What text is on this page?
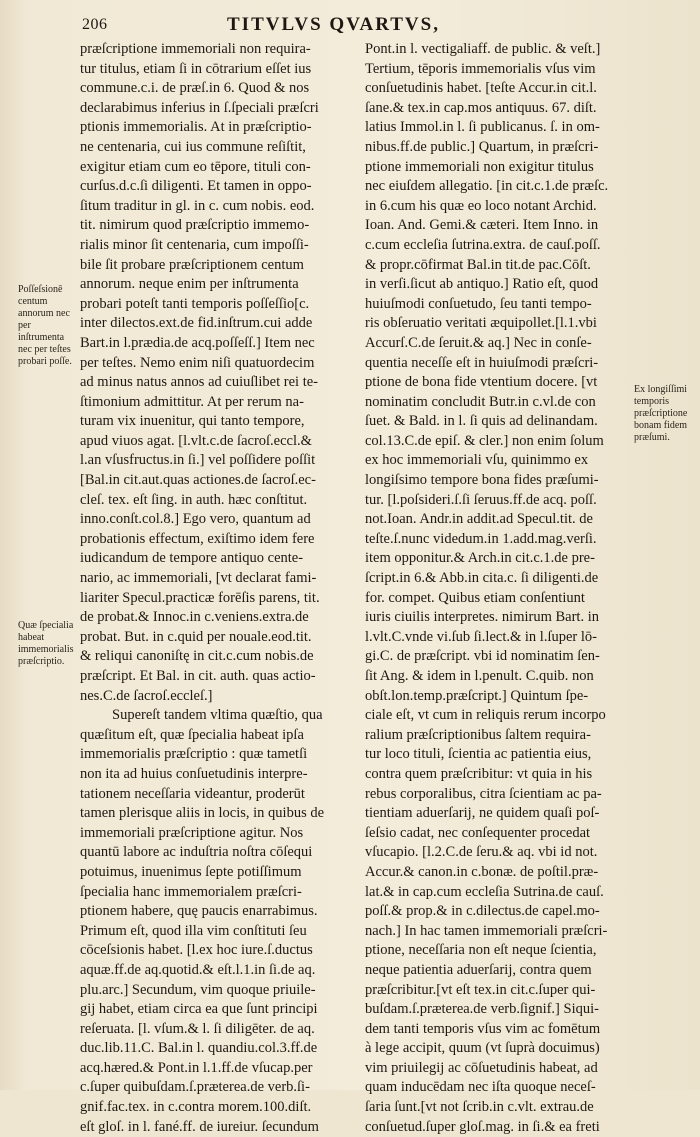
206	TITVLVS QVARTVS,

præſcriptione immemoriali non requira-

tur titulus, etiam ſi in cōtrarium eſſet ius

commune.c.i. de præſ.in 6. Quod & nos

declarabimus inferius in ſ.ſpeciali præſcri

ptionis immemorialis. At in præſcriptio-

ne centenaria, cui ius commune reſiſtit,

exigitur etiam cum eo tēpore, tituli con-

curſus.d.c.ſi diligenti. Et tamen in oppo-

ſitum traditur in gl. in c. cum nobis. eod.

tit. nimirum quod præſcriptio immemo-

rialis minor ſit centenaria, cum impoſſi-

bile ſit probare præſcriptionem centum

annorum. neque enim per inſtrumenta

probari poteſt tanti temporis poſſeſſio[c.

inter dilectos.ext.de fid.inſtrum.cui adde

Bart.in l.prædia.de acq.poſſeſſ.] Item nec

per teſtes. Nemo enim niſi quatuordecim

ad minus natus annos ad cuiuſlibet rei te-

ſtimonium admittitur. At per rerum na-

turam vix inuenitur, qui tanto tempore,

apud viuos agat. [l.vlt.c.de ſacroſ.eccl.&

l.an vſusfructus.in ſi.] vel poſſidere poſſit

[Bal.in cit.aut.quas actiones.de ſacroſ.ec-

cleſ. tex. eſt ſing. in auth. hæc conſtitut.

inno.conſt.col.8.] Ego vero, quantum ad

probationis effectum, exiſtimo idem fere

iudicandum de tempore antiquo cente-

nario, ac immemoriali, [vt declarat fami-

liariter Specul.practicæ forēſis parens, tit.

de probat.& Innoc.in c.veniens.extra.de

probat. But. in c.quid per nouale.eod.tit.

& reliqui canoniſtę in cit.c.cum nobis.de

præſcript. Et Bal. in cit. auth. quas actio-

nes.C.de ſacroſ.eccleſ.]

Supereſt tandem vltima quæſtio, qua

quæſitum eſt, quæ ſpecialia habeat ipſa

immemorialis præſcriptio : quæ tametſi

non ita ad huius conſuetudinis interpre-

tationem neceſſaria videantur, proderūt

tamen plerisque aliis in locis, in quibus de

immemoriali præſcriptione agitur. Nos

quantū labore ac induſtria noſtra cōſequi

potuimus, inuenimus ſepte potiſſimum

ſpecialia hanc immemorialem præſcri-

ptionem habere, quę paucis enarrabimus.

Primum eſt, quod illa vim conſtituti ſeu

cōceſsionis habet. [l.ex hoc iure.ſ.ductus

aquæ.ff.de aq.quotid.& eſt.l.1.in ſi.de aq.

plu.arc.] Secundum, vim quoque priuile-

gij habet, etiam circa ea que ſunt principi

reſeruata. [l. vſum.& l. ſi diligēter. de aq.

duc.lib.11.C. Bal.in l. quandiu.col.3.ff.de

acq.hæred.& Pont.in l.1.ff.de vſucap.per

c.ſuper quibuſdam.ſ.præterea.de verb.ſi-

gnif.fac.tex. in c.contra morem.100.diſt.

eſt gloſ. in l. fané.ff. de iureiur. ſecundum

Pont.in l. vectigaliaff. de public. & veſt.]

Tertium, tēporis immemorialis vſus vim

conſuetudinis habet. [teſte Accur.in cit.l.

ſane.& tex.in cap.mos antiquus. 67. diſt.

latius Immol.in l. ſi publicanus. ſ. in om-

nibus.ff.de public.] Quartum, in præſcri-

ptione immemoriali non exigitur titulus

nec eiuſdem allegatio. [in cit.c.1.de præſc.

in 6.cum his quæ eo loco notant Archid.

Ioan. And. Gemi.& cæteri. Item Inno. in

c.cum eccleſia ſutrina.extra. de cauſ.poſſ.

& propr.cōfirmat Bal.in tit.de pac.Cōſt.

in verſi.ſicut ab antiquo.] Ratio eſt, quod

huiuſmodi conſuetudo, ſeu tanti tempo-

ris obſeruatio veritati æquipollet.[l.1.vbi

Accurſ.C.de ſeruit.& aq.] Nec in conſe-

quentia neceſſe eſt in huiuſmodi præſcri-

ptione de bona fide vtentium docere. [vt

nominatim concludit Butr.in c.vl.de con

ſuet. & Bald. in l. ſi quis ad delinandam.

col.13.C.de epiſ. & cler.] non enim ſolum

ex hoc immemoriali vſu, quinimmo ex

longiſsimo tempore bona fides præſumi-

tur. [l.poſsideri.ſ.ſi ſeruus.ff.de acq. poſſ.

not.Ioan. Andr.in addit.ad Specul.tit. de

teſte.ſ.nunc videdum.in 1.add.mag.verſi.

item opponitur.& Arch.in cit.c.1.de pre-

ſcript.in 6.& Abb.in cita.c. ſi diligenti.de

for. compet. Quibus etiam conſentiunt

iuris ciuilis interpretes. nimirum Bart. in

l.vlt.C.vnde vi.ſub ſi.lect.& in l.ſuper lō-

gi.C. de præſcript. vbi id nominatim ſen-

ſit Ang. & idem in l.penult. C.quib. non

obſt.lon.temp.præſcript.] Quintum ſpe-

ciale eſt, vt cum in reliquis rerum incorpo

ralium præſcriptionibus ſaltem requira-

tur loco tituli, ſcientia ac patientia eius,

contra quem præſcribitur: vt quia in his

rebus corporalibus, citra ſcientiam ac pa-

tientiam aduerſarij, ne quidem quaſi poſ-

ſeſsio cadat, nec conſequenter procedat

vſucapio. [l.2.C.de ſeru.& aq. vbi id not.

Accur.& canon.in c.bonæ. de poſtil.præ-

lat.& in cap.cum eccleſia Sutrina.de cauſ.

poſſ.& prop.& in c.dilectus.de capel.mo-

nach.] In hac tamen immemoriali præſcri-

ptione, neceſſaria non eſt neque ſcientia,

neque patientia aduerſarij, contra quem

præſcribitur.[vt eſt tex.in cit.c.ſuper qui-

buſdam.ſ.præterea.de verb.ſignif.] Siqui-

dem tanti temporis vſus vim ac fomētum

à lege accipit, quum (vt ſuprà docuimus)

vim priuilegij ac cōſuetudinis habeat, ad

quam inducēdam nec iſta quoque neceſ-

ſaria ſunt.[vt not ſcrib.in c.vlt. extrau.de

conſuetud.ſuper gloſ.mag. in ſi.& ea freti

Poſſeſsionē centum annorum nec per inſtrumenta nec per teſtes probari poſſe.
Quæ ſpecialia habeat immemorialis præſcriptio.
Ex longiſſimi temporis præſcriptione bonam fidem præſumi.
